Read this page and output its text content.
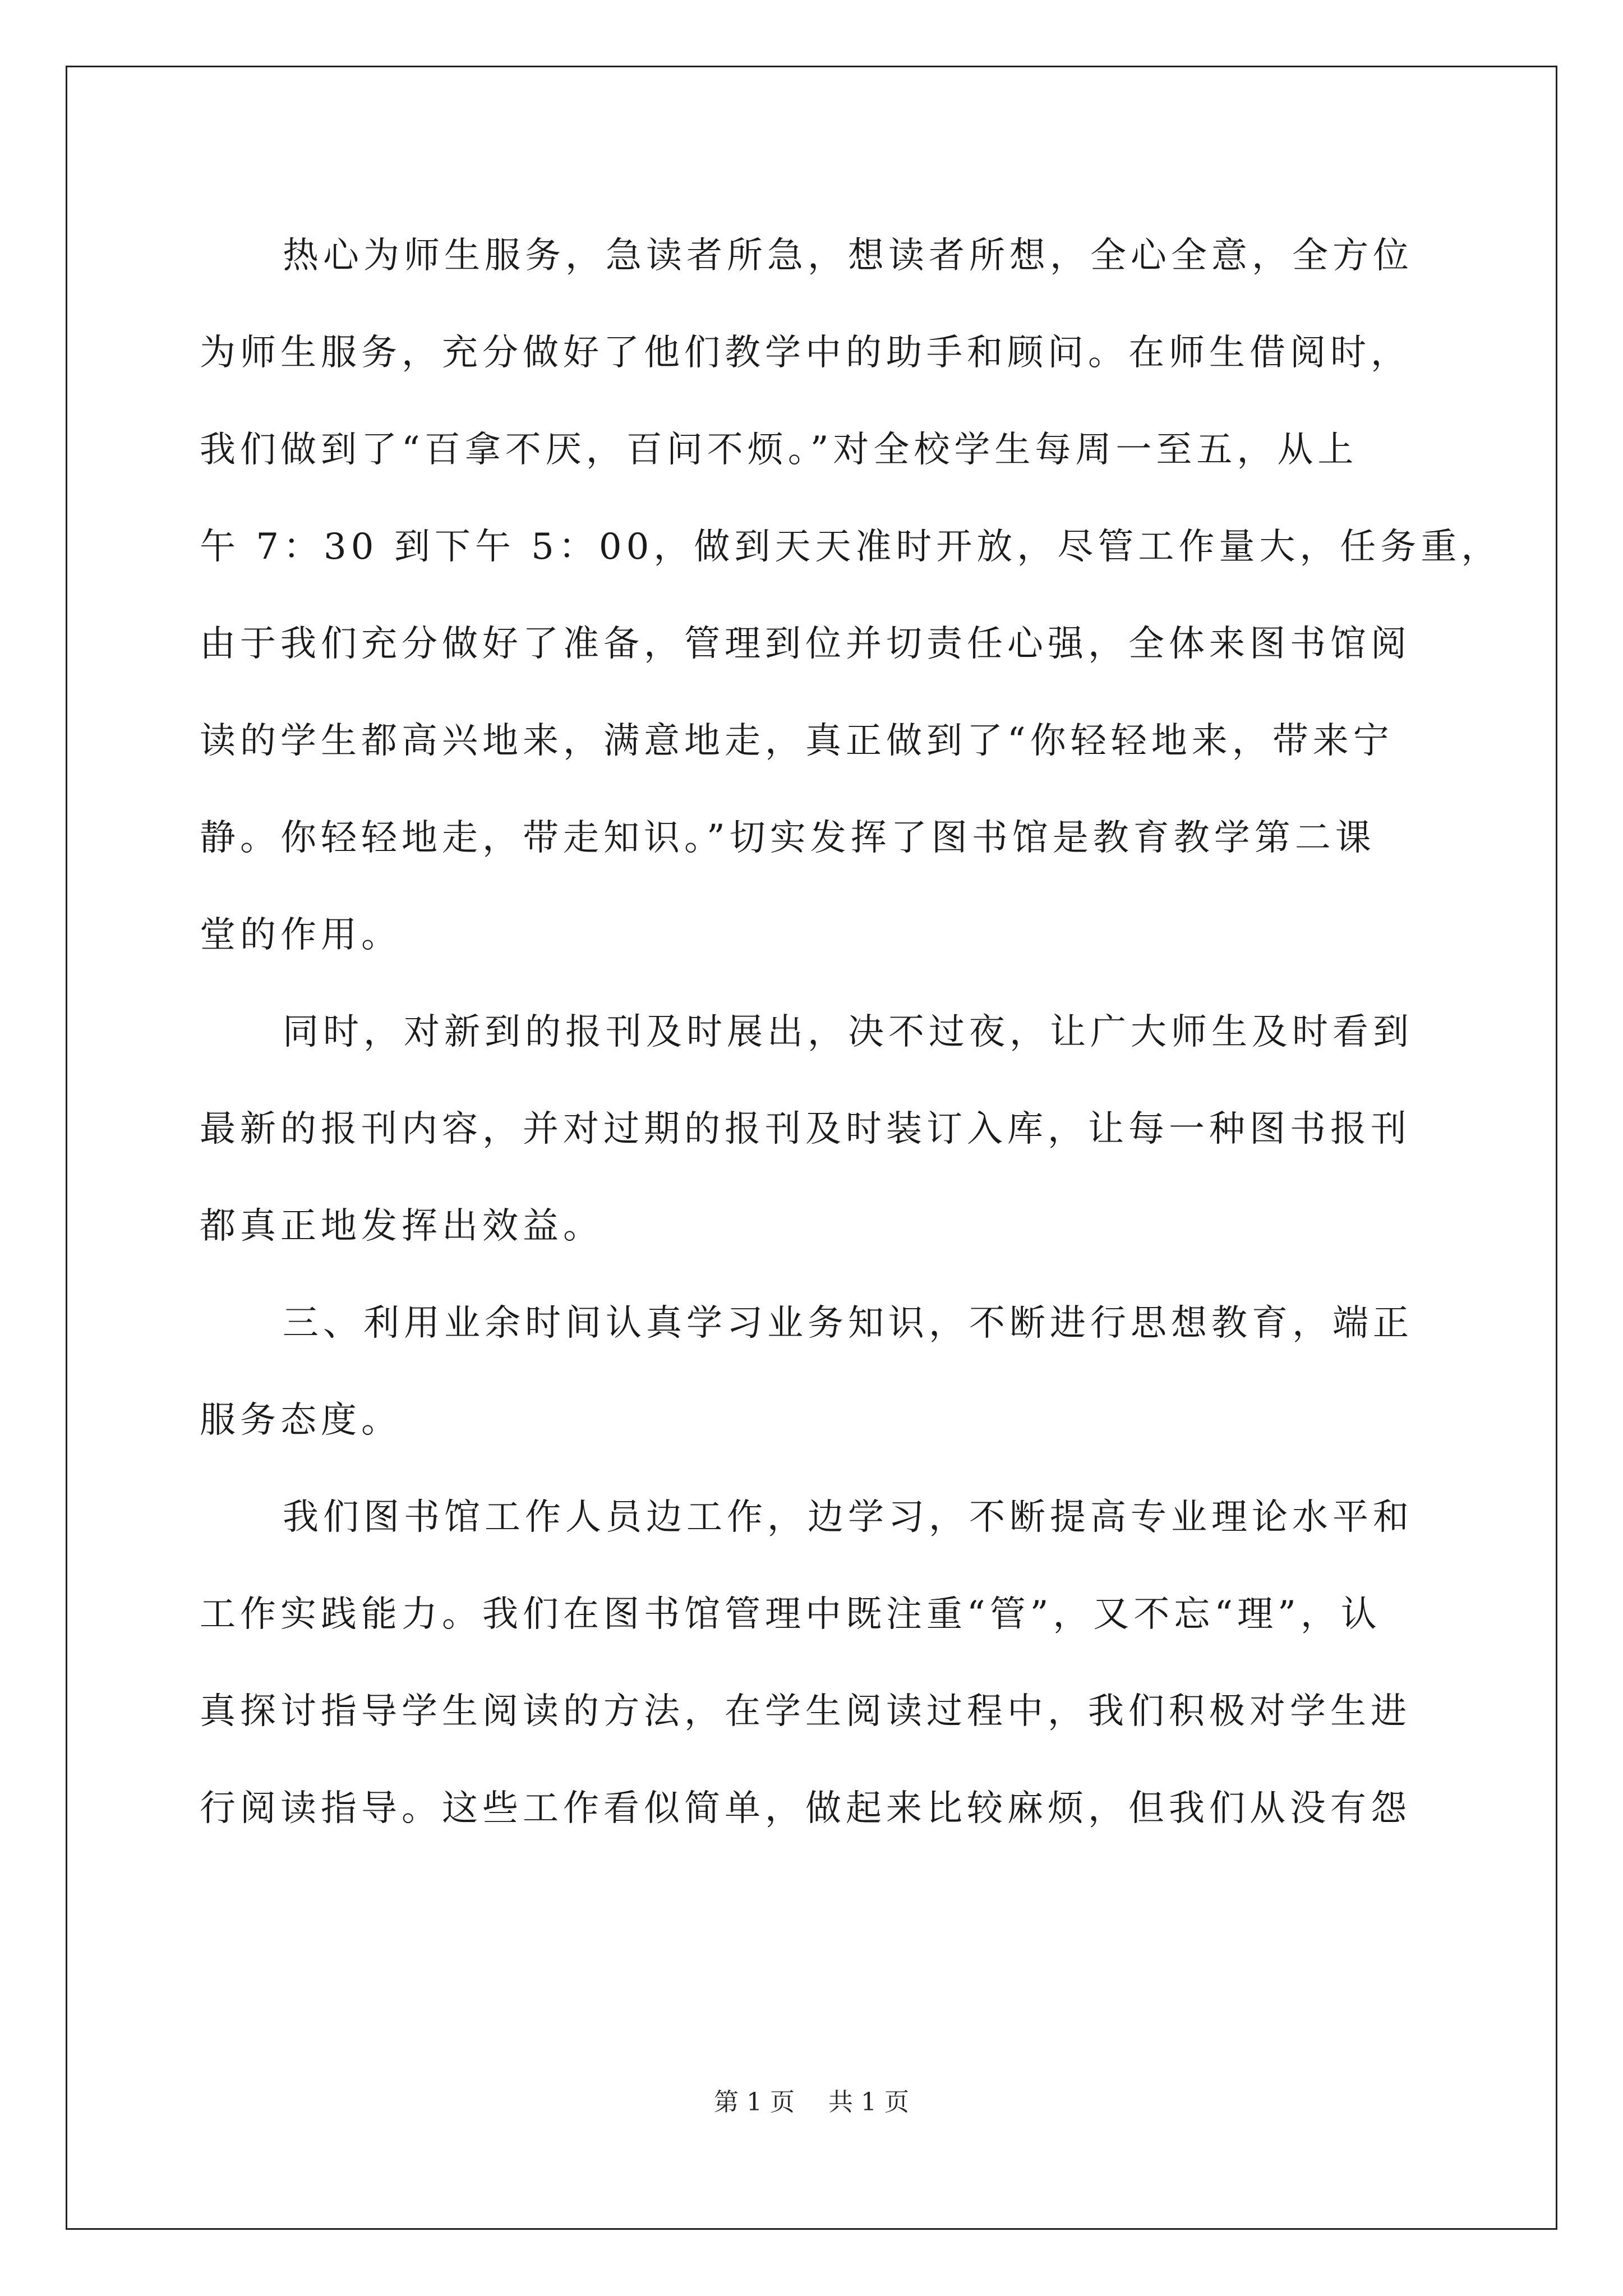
热心为师生服务，急读者所急，想读者所想，全心全意，全方位
为师生服务，充分做好了他们教学中的助手和顾问。在师生借阅时，
我们做到了“百拿不厌，百问不烦。”对全校学生每周一至五，从上
午 7：30 到下午 5：00，做到天天准时开放，尽管工作量大，任务重，
由于我们充分做好了准备，管理到位并切责任心强，全体来图书馆阅
读的学生都高兴地来，满意地走，真正做到了“你轻轻地来，带来宁
静。你轻轻地走，带走知识。”切实发挥了图书馆是教育教学第二课
堂的作用。
同时，对新到的报刊及时展出，决不过夜，让广大师生及时看到
最新的报刊内容，并对过期的报刊及时装订入库，让每一种图书报刊
都真正地发挥出效益。
三、利用业余时间认真学习业务知识，不断进行思想教育，端正
服务态度。
我们图书馆工作人员边工作，边学习，不断提高专业理论水平和
工作实践能力。我们在图书馆管理中既注重“管”，又不忘“理”，认
真探讨指导学生阅读的方法，在学生阅读过程中，我们积极对学生进
行阅读指导。这些工作看似简单，做起来比较麻烦，但我们从没有怨
第 1 页 共 1 页
